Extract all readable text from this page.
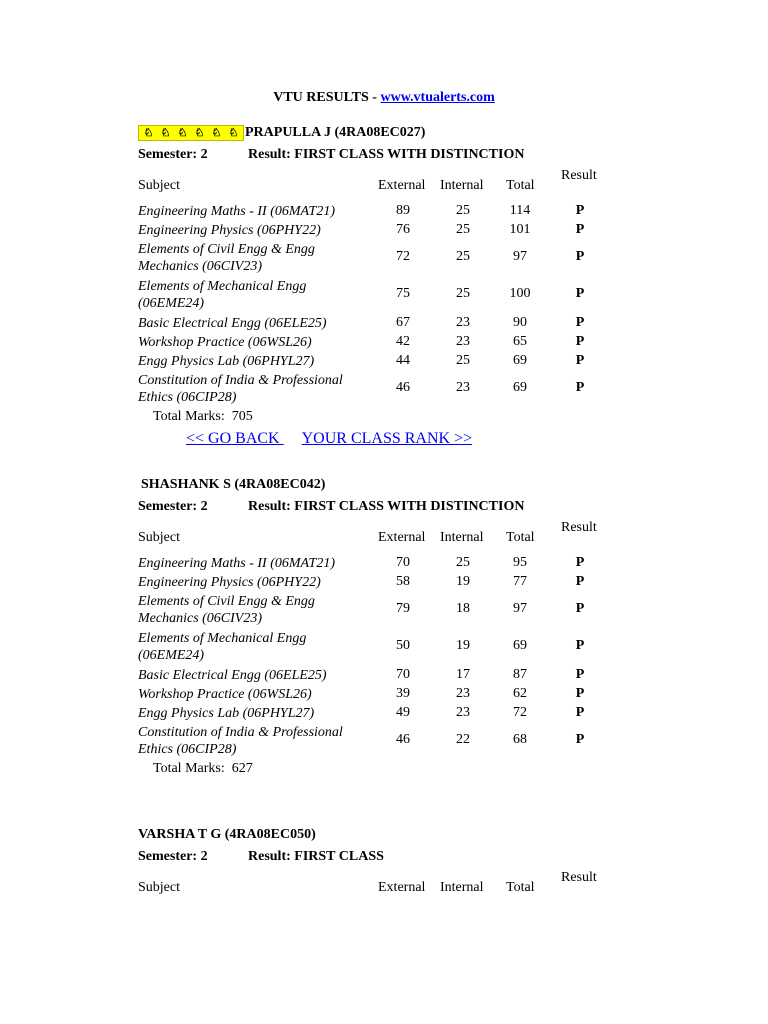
VTU RESULTS - www.vtualerts.com
♘ ♘ ♘ ♘ ♘ ♘ PRAPULLA J (4RA08EC027)
Semester: 2	Result: FIRST CLASS WITH DISTINCTION
Subject	External Internal Total
Result
Engineering Maths - II (06MAT21)	89	25	114	P
Engineering Physics (06PHY22)	76	25	101	P
Elements of Civil Engg & Engg Mechanics (06CIV23)
72	25	97	P
Elements of Mechanical Engg (06EME24)
75	25	100	P
Basic Electrical Engg (06ELE25)	67	23	90	P
Workshop Practice (06WSL26)	42	23	65	P
Engg Physics Lab (06PHYL27)	44	25	69	P
Constitution of India & Professional Ethics (06CIP28)
46	23	69	P
Total Marks: 705
<< GO BACK YOUR CLASS RANK >>
SHASHANK S (4RA08EC042)
Semester: 2	Result: FIRST CLASS WITH DISTINCTION
Subject	External Internal Total
Result
Engineering Maths - II (06MAT21)	70	25	95	P
Engineering Physics (06PHY22)	58	19	77	P
Elements of Civil Engg & Engg Mechanics (06CIV23)
79	18	97	P
Elements of Mechanical Engg (06EME24)
50	19	69	P
Basic Electrical Engg (06ELE25)	70	17	87	P
Workshop Practice (06WSL26)	39	23	62	P
Engg Physics Lab (06PHYL27)	49	23	72	P
Constitution of India & Professional Ethics (06CIP28)
46	22	68	P
Total Marks: 627
VARSHA T G (4RA08EC050)
Semester: 2	Result: FIRST CLASS
Subject	External Internal Total
Result
